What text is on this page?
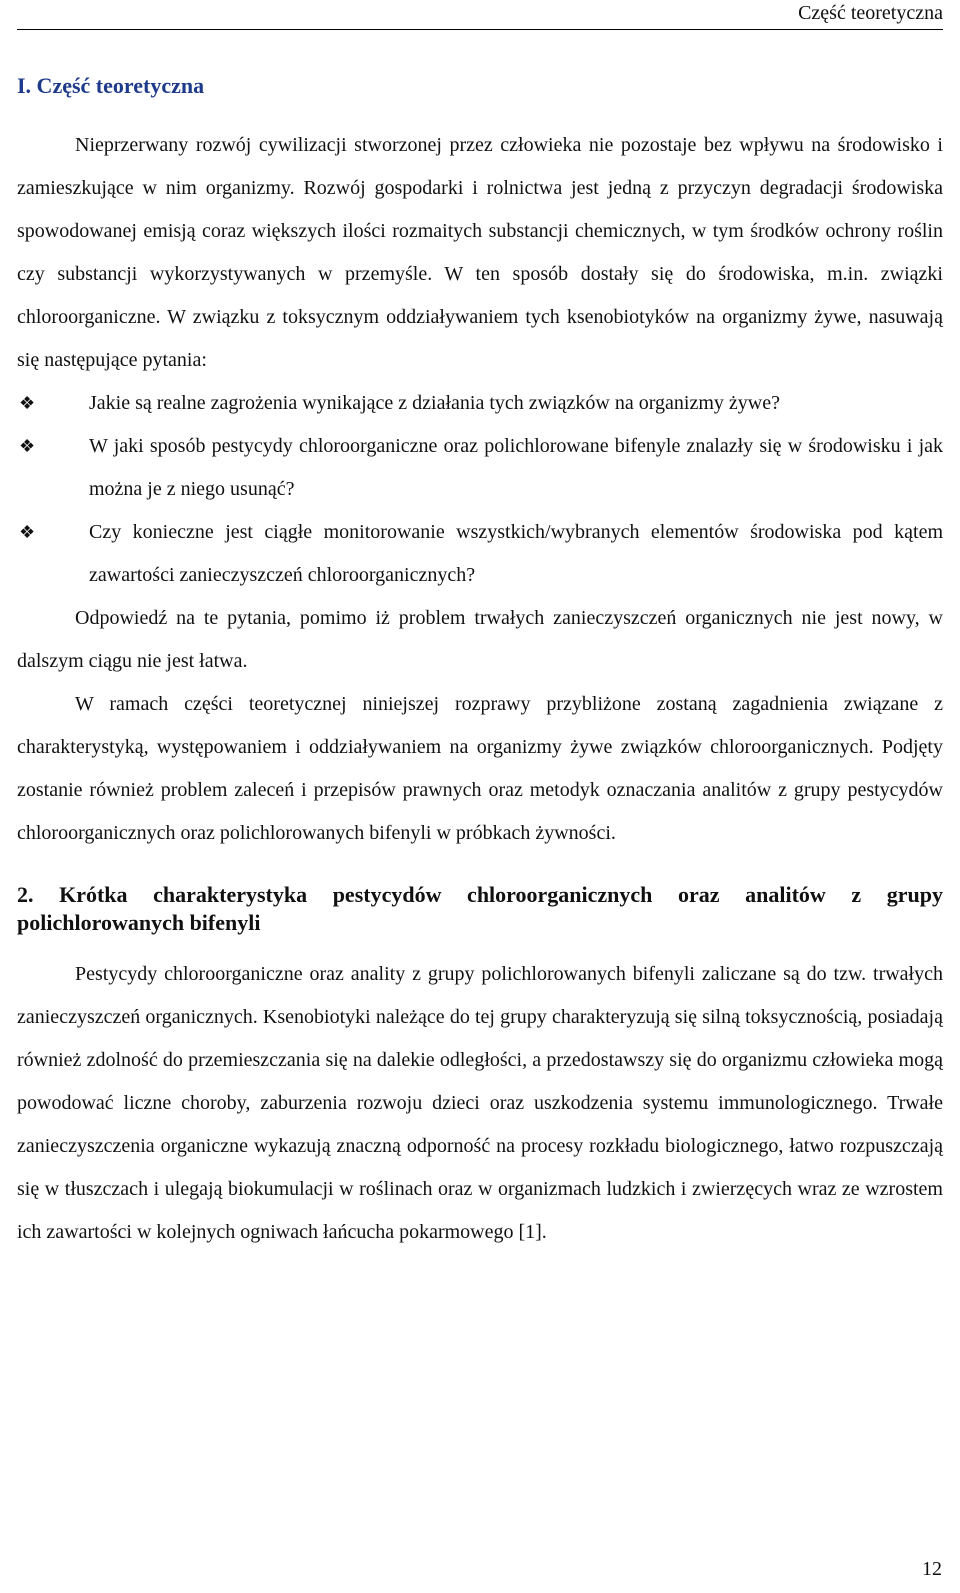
Część teoretyczna
I. Część teoretyczna

Nieprzerwany rozwój cywilizacji stworzonej przez człowieka nie pozostaje bez wpływu na środowisko i zamieszkujące w nim organizmy. Rozwój gospodarki i rolnictwa jest jedną z przyczyn degradacji środowiska spowodowanej emisją coraz większych ilości rozmaitych substancji chemicznych, w tym środków ochrony roślin czy substancji wykorzystywanych w przemyśle. W ten sposób dostały się do środowiska, m.in. związki chloroorganiczne. W związku z toksycznym oddziaływaniem tych ksenobiotyków na organizmy żywe, nasuwają się następujące pytania:

❖	Jakie są realne zagrożenia wynikające z działania tych związków na organizmy żywe?
❖	W jaki sposób pestycydy chloroorganiczne oraz polichlorowane bifenyle znalazły się w środowisku i jak można je z niego usunąć?
❖	Czy konieczne jest ciągłe monitorowanie wszystkich/wybranych elementów środowiska pod kątem zawartości zanieczyszczeń chloroorganicznych?

Odpowiedź na te pytania, pomimo iż problem trwałych zanieczyszczeń organicznych nie jest nowy, w dalszym ciągu nie jest łatwa.

W ramach części teoretycznej niniejszej rozprawy przybliżone zostaną zagadnienia związane z charakterystyką, występowaniem i oddziaływaniem na organizmy żywe związków chloroorganicznych. Podjęty zostanie również problem zaleceń i przepisów prawnych oraz metodyk oznaczania analitów z grupy pestycydów chloroorganicznych oraz polichlorowanych bifenyli w próbkach żywności.

2. Krótka charakterystyka pestycydów chloroorganicznych oraz analitów z grupy polichlorowanych bifenyli

Pestycydy chloroorganiczne oraz anality z grupy polichlorowanych bifenyli zaliczane są do tzw. trwałych zanieczyszczeń organicznych. Ksenobiotyki należące do tej grupy charakteryzują się silną toksycznością, posiadają również zdolność do przemieszczania się na dalekie odległości, a przedostawszy się do organizmu człowieka mogą powodować liczne choroby, zaburzenia rozwoju dzieci oraz uszkodzenia systemu immunologicznego. Trwałe zanieczyszczenia organiczne wykazują znaczną odporność na procesy rozkładu biologicznego, łatwo rozpuszczają się w tłuszczach i ulegają biokumulacji w roślinach oraz w organizmach ludzkich i zwierzęcych wraz ze wzrostem ich zawartości w kolejnych ogniwach łańcucha pokarmowego [1].

12
